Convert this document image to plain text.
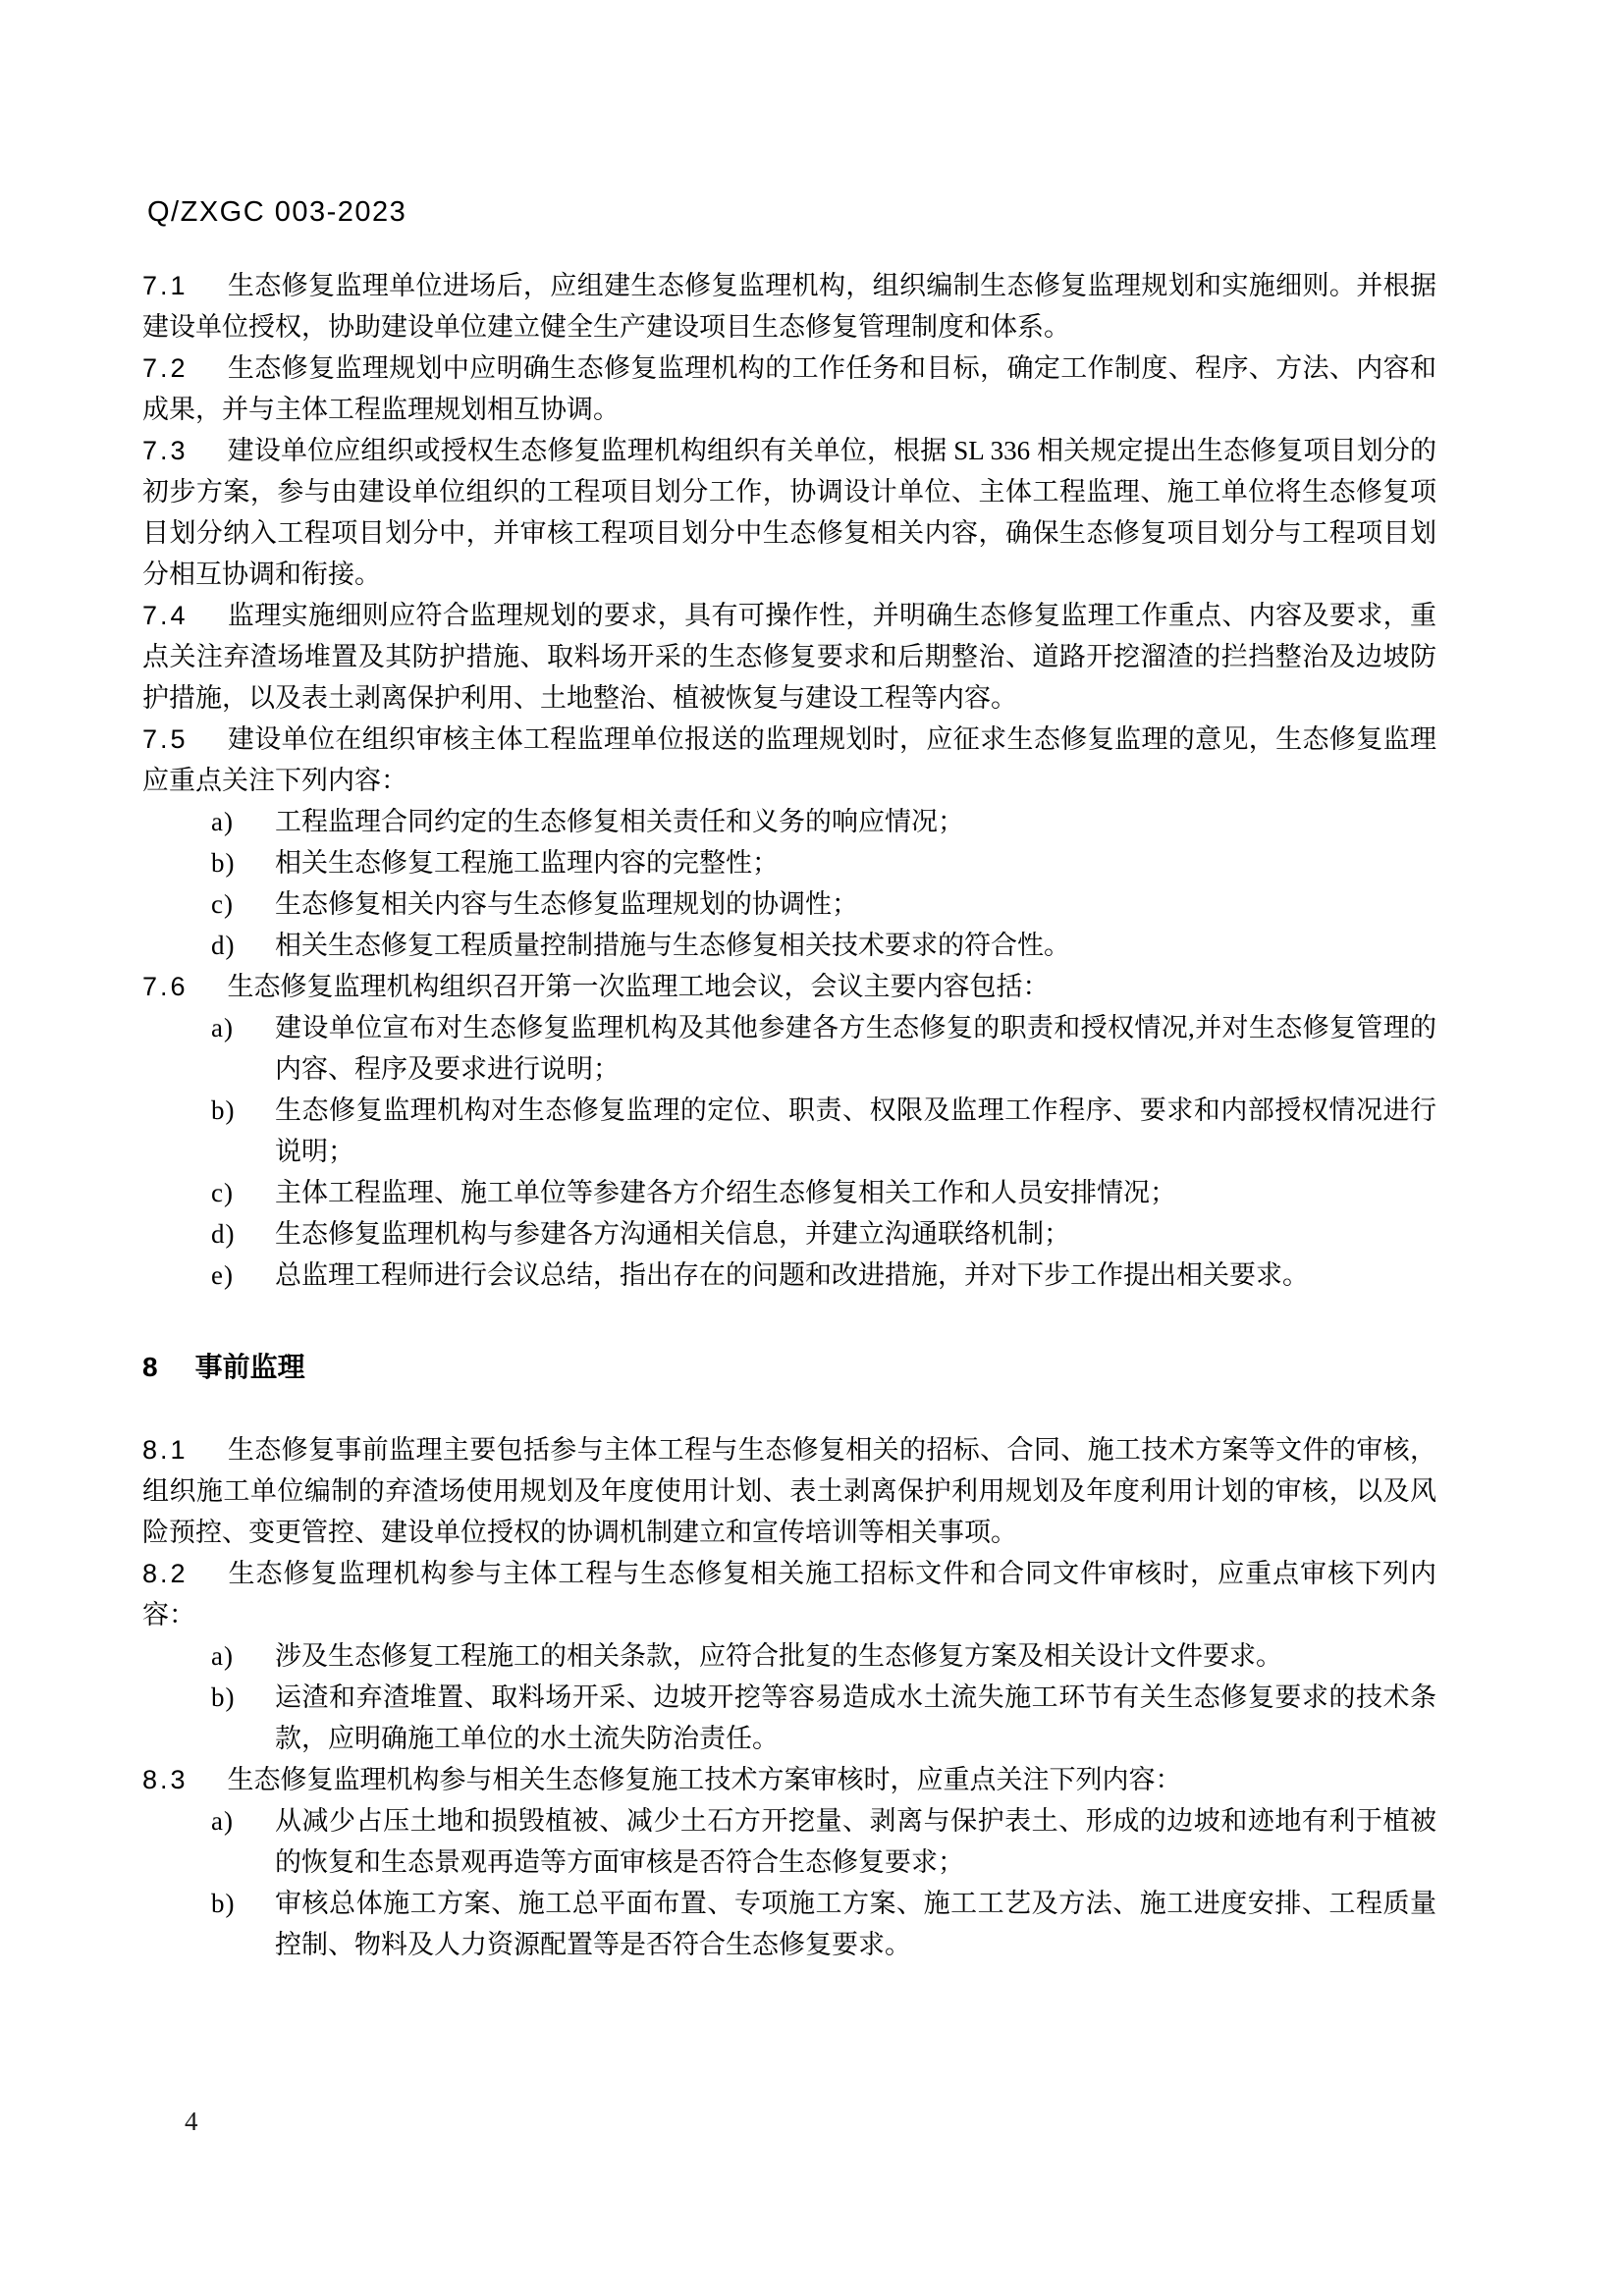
Q/ZXGC 003-2023
7.1 生态修复监理单位进场后，应组建生态修复监理机构，组织编制生态修复监理规划和实施细则。并根据建设单位授权，协助建设单位建立健全生产建设项目生态修复管理制度和体系。
7.2 生态修复监理规划中应明确生态修复监理机构的工作任务和目标，确定工作制度、程序、方法、内容和成果，并与主体工程监理规划相互协调。
7.3 建设单位应组织或授权生态修复监理机构组织有关单位，根据 SL 336 相关规定提出生态修复项目划分的初步方案，参与由建设单位组织的工程项目划分工作，协调设计单位、主体工程监理、施工单位将生态修复项目划分纳入工程项目划分中，并审核工程项目划分中生态修复相关内容，确保生态修复项目划分与工程项目划分相互协调和衔接。
7.4 监理实施细则应符合监理规划的要求，具有可操作性，并明确生态修复监理工作重点、内容及要求，重点关注弃渣场堆置及其防护措施、取料场开采的生态修复要求和后期整治、道路开挖溜渣的拦挡整治及边坡防护措施，以及表土剥离保护利用、土地整治、植被恢复与建设工程等内容。
7.5 建设单位在组织审核主体工程监理单位报送的监理规划时，应征求生态修复监理的意见，生态修复监理应重点关注下列内容：
a) 工程监理合同约定的生态修复相关责任和义务的响应情况；
b) 相关生态修复工程施工监理内容的完整性；
c) 生态修复相关内容与生态修复监理规划的协调性；
d) 相关生态修复工程质量控制措施与生态修复相关技术要求的符合性。
7.6 生态修复监理机构组织召开第一次监理工地会议，会议主要内容包括：
a) 建设单位宣布对生态修复监理机构及其他参建各方生态修复的职责和授权情况,并对生态修复管理的内容、程序及要求进行说明；
b) 生态修复监理机构对生态修复监理的定位、职责、权限及监理工作程序、要求和内部授权情况进行说明；
c) 主体工程监理、施工单位等参建各方介绍生态修复相关工作和人员安排情况；
d) 生态修复监理机构与参建各方沟通相关信息，并建立沟通联络机制；
e) 总监理工程师进行会议总结，指出存在的问题和改进措施，并对下步工作提出相关要求。
8 事前监理
8.1 生态修复事前监理主要包括参与主体工程与生态修复相关的招标、合同、施工技术方案等文件的审核，组织施工单位编制的弃渣场使用规划及年度使用计划、表土剥离保护利用规划及年度利用计划的审核，以及风险预控、变更管控、建设单位授权的协调机制建立和宣传培训等相关事项。
8.2 生态修复监理机构参与主体工程与生态修复相关施工招标文件和合同文件审核时，应重点审核下列内容：
a) 涉及生态修复工程施工的相关条款，应符合批复的生态修复方案及相关设计文件要求。
b) 运渣和弃渣堆置、取料场开采、边坡开挖等容易造成水土流失施工环节有关生态修复要求的技术条款，应明确施工单位的水土流失防治责任。
8.3 生态修复监理机构参与相关生态修复施工技术方案审核时，应重点关注下列内容：
a) 从减少占压土地和损毁植被、减少土石方开挖量、剥离与保护表土、形成的边坡和迹地有利于植被的恢复和生态景观再造等方面审核是否符合生态修复要求；
b) 审核总体施工方案、施工总平面布置、专项施工方案、施工工艺及方法、施工进度安排、工程质量控制、物料及人力资源配置等是否符合生态修复要求。
4
